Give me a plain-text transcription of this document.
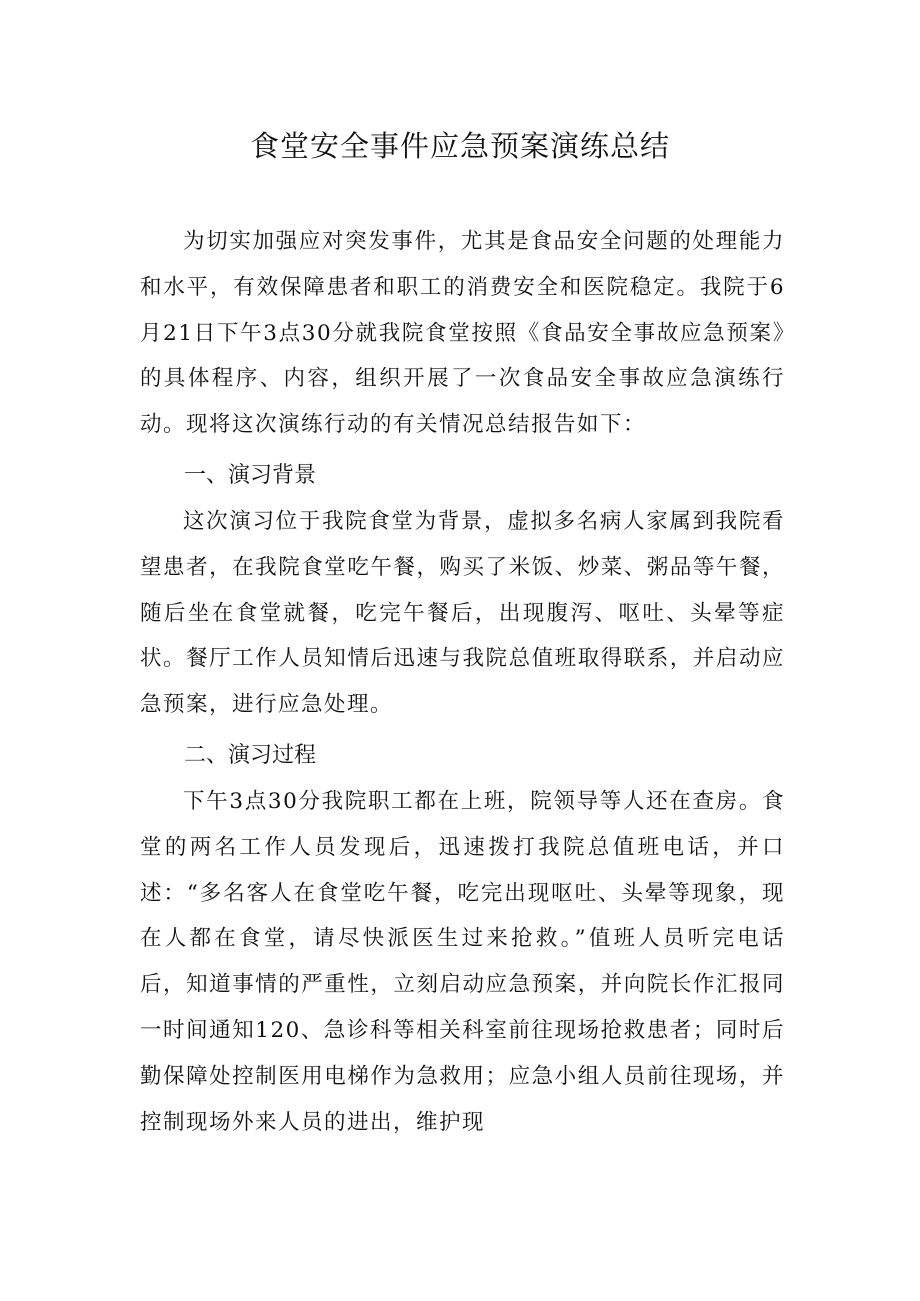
食堂安全事件应急预案演练总结

为切实加强应对突发事件，尤其是食品安全问题的处理能力和水平，有效保障患者和职工的消费安全和医院稳定。我院于6月21日下午3点30分就我院食堂按照《食品安全事故应急预案》的具体程序、内容，组织开展了一次食品安全事故应急演练行动。现将这次演练行动的有关情况总结报告如下：

一、演习背景

这次演习位于我院食堂为背景，虚拟多名病人家属到我院看望患者，在我院食堂吃午餐，购买了米饭、炒菜、粥品等午餐，随后坐在食堂就餐，吃完午餐后，出现腹泻、呕吐、头晕等症状。餐厅工作人员知情后迅速与我院总值班取得联系，并启动应急预案，进行应急处理。

二、演习过程

下午3点30分我院职工都在上班，院领导等人还在查房。食堂的两名工作人员发现后，迅速拨打我院总值班电话，并口述：“多名客人在食堂吃午餐，吃完出现呕吐、头晕等现象，现在人都在食堂，请尽快派医生过来抢救。”值班人员听完电话后，知道事情的严重性，立刻启动应急预案，并向院长作汇报同一时间通知120、急诊科等相关科室前往现场抢救患者；同时后勤保障处控制医用电梯作为急救用；应急小组人员前往现场，并控制现场外来人员的进出，维护现
